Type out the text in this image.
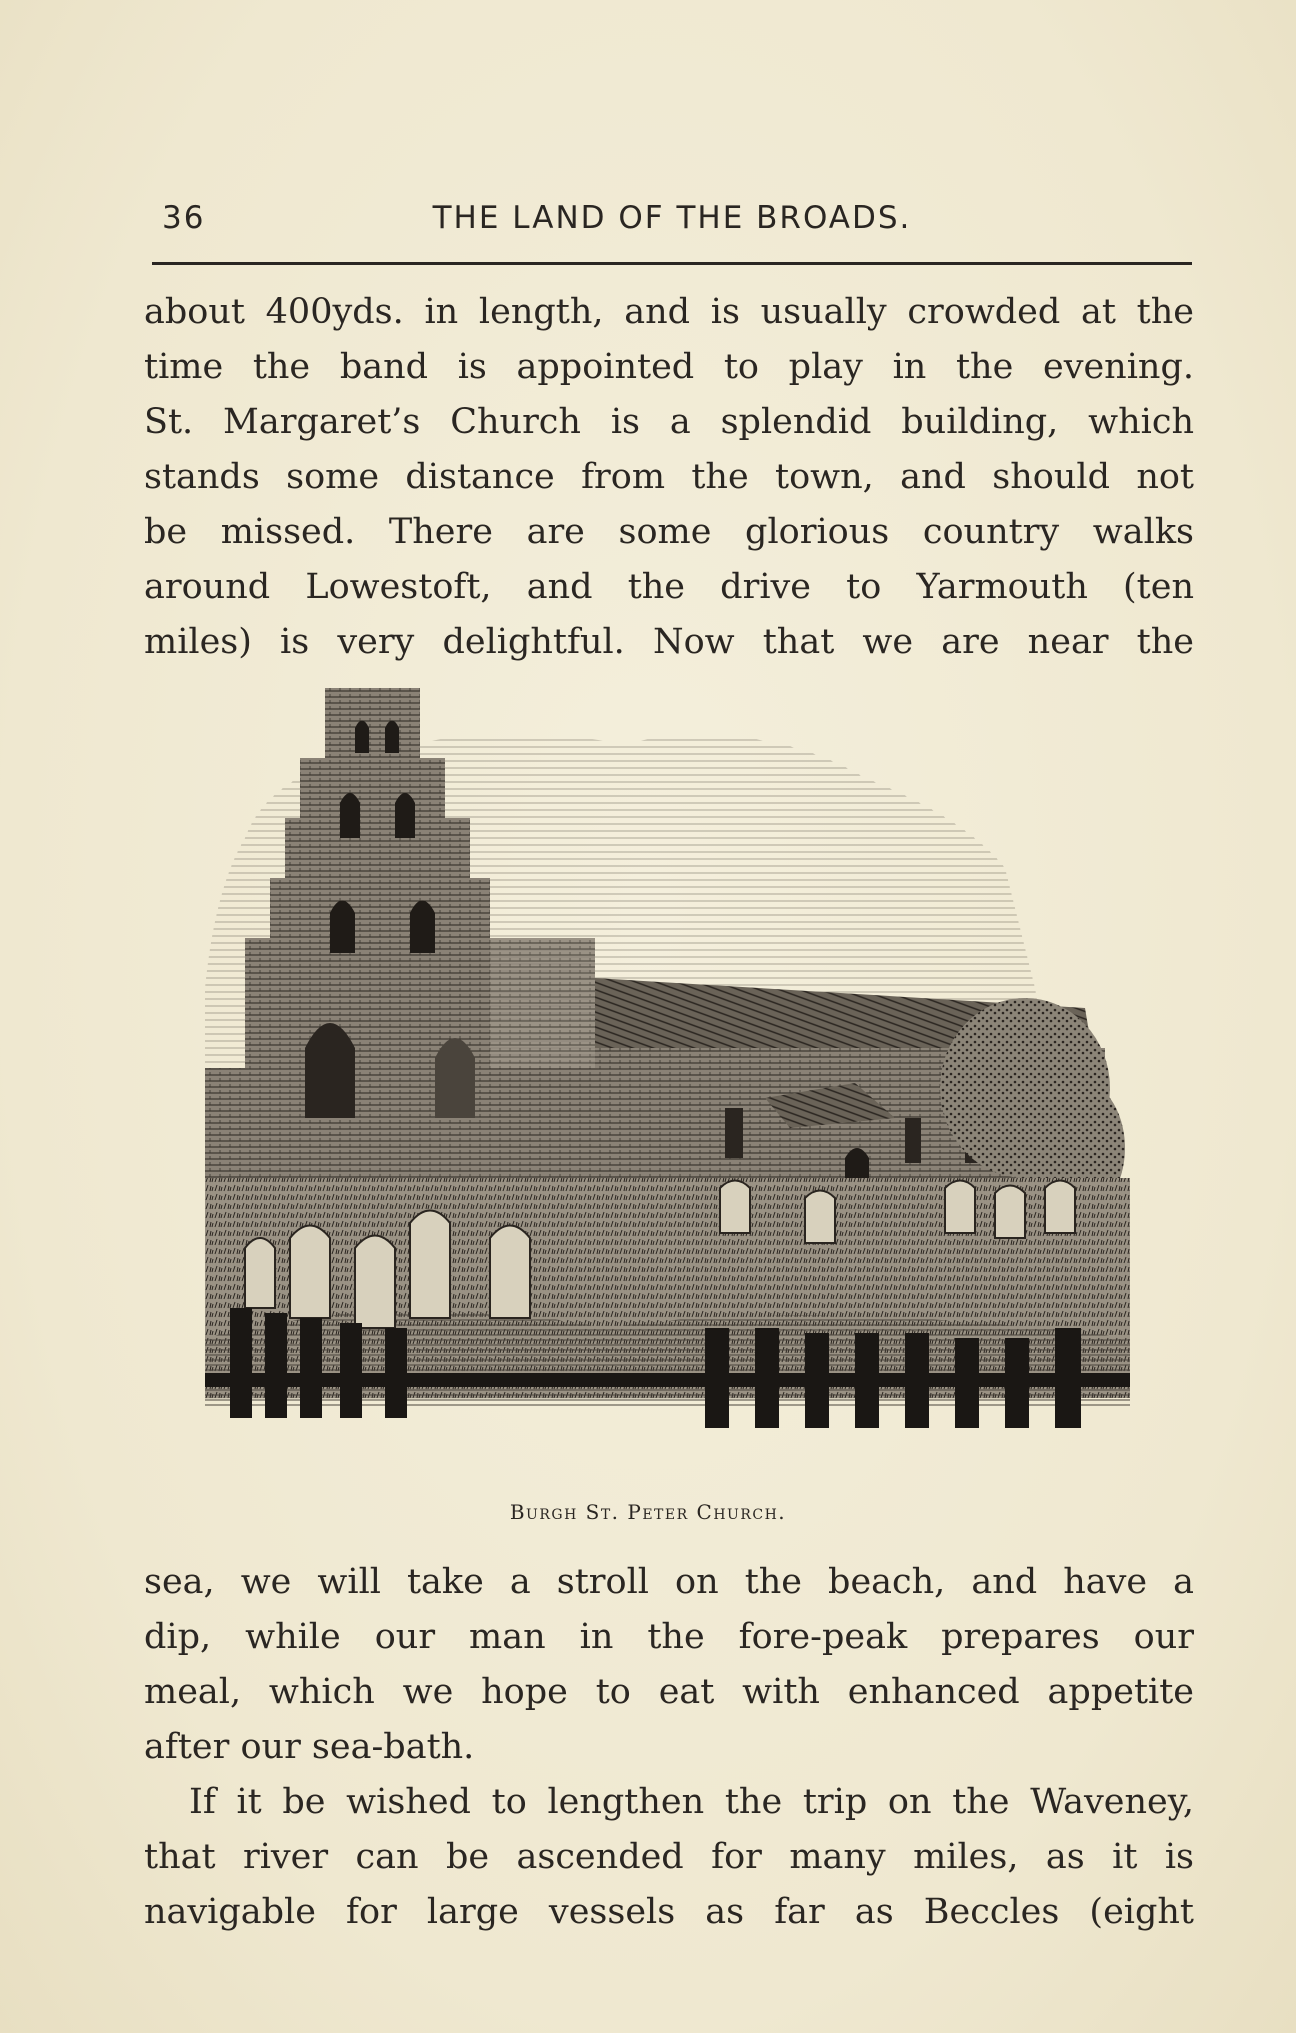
36	THE LAND OF THE BROADS.

about 400yds. in length, and is usually crowded at the
time the band is appointed to play in the evening.
St. Margaret’s Church is a splendid building, which
stands some distance from the town, and should not
be missed. There are some glorious country walks
around Lowestoft, and the drive to Yarmouth (ten
miles) is very delightful. Now that we are near the

Burgh St. Peter Church.

sea, we will take a stroll on the beach, and have a
dip, while our man in the fore-peak prepares our
meal, which we hope to eat with enhanced appetite
after our sea-bath.

If it be wished to lengthen the trip on the Waveney,
that river can be ascended for many miles, as it is
navigable for large vessels as far as Beccles (eight
